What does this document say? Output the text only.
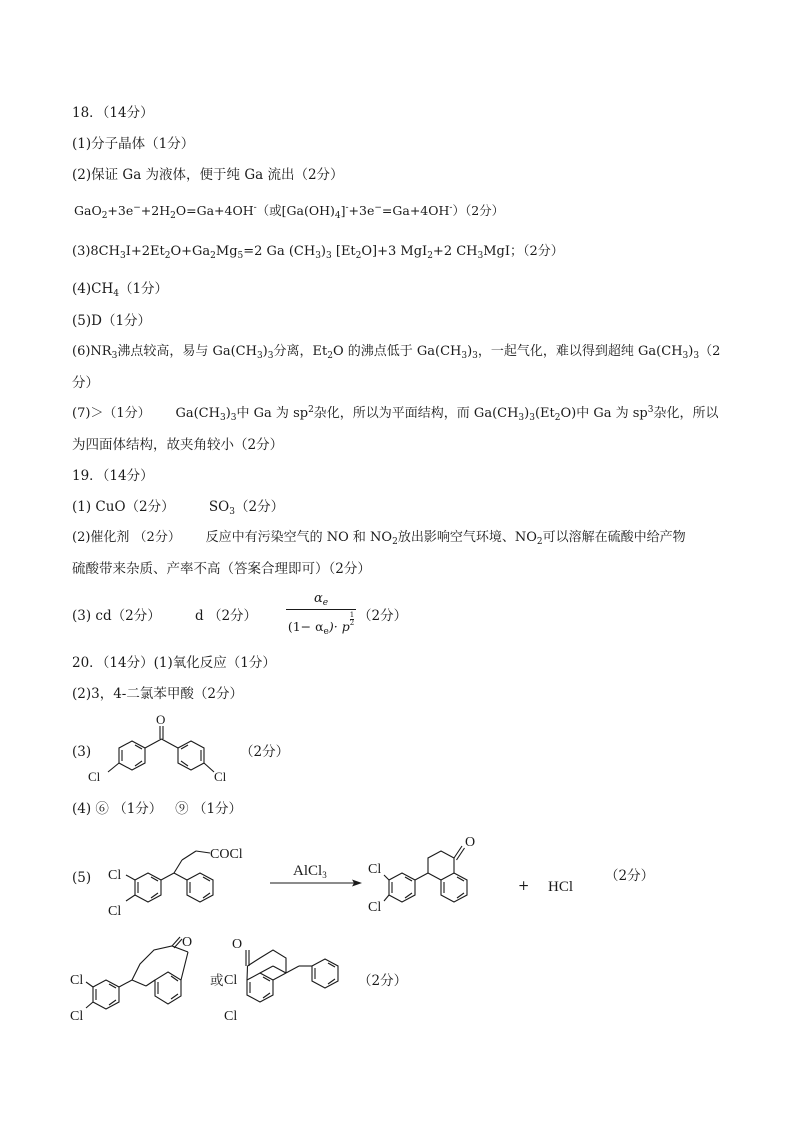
18．（14分）
(1)分子晶体（1分）
(2)保证 Ga 为液体，便于纯 Ga 流出（2分）
$GaO_2+3e^-+2H_2O=Ga+4OH^-$（或$[Ga(OH)_4]^-+3e^-=Ga+4OH^-)(2$分）
$(3)8CH_3I+2Et_2O+Ga_2Mg_5=2$ Ga $(CH_3)_3$ $[Et_2O]+3$ MgI$_2$+2 $CH_3MgI$；（2分）
$(4)CH_4(1$分）
(5)D（1分）
$(6)NR_3$沸点较高，易与 $Ga(CH_3)_3$分离，$Et_2O$ 的沸点低于 $Ga(CH_3)_3$，一起气化，难以得到超纯 $Ga(CH_3)_3(2$
分）
(7)＞（1分）      $Ga(CH_3)_3$中 Ga 为 $sp^2$杂化，所以为平面结构，而 $Ga(CH_3)_3(Et_2O)$中 Ga 为 $sp^3$杂化，所以
为四面体结构，故夹角较小（2分）
19．（14分）
(1) CuO（2分）        $SO_3(2$分）
(2)催化剂 （2分）      反应中有污染空气的 NO 和 $NO_2$放出影响空气环境、$NO_2$可以溶解在硫酸中给产物
硫酸带来杂质、产率不高（答案合理即可）（2分）
(3) cd（2分）        d （2分）
$\alpha_e$
$(1- \alpha_e)\cdot p \frac{1}{2} (2$分）
20．（14分）(1)氧化反应（1分）
(2)3，4-二氯苯甲酸（2分）
(3)
O
Cl	Cl
（2分）
(4) ⑥ （1分）   ⑨ （1分）
(5)
COCl
Cl
Cl
AlCl$_3$
O
Cl
Cl
+ HCl
（2分）
O
Cl
Cl
或
O
Cl
Cl
（2分）
